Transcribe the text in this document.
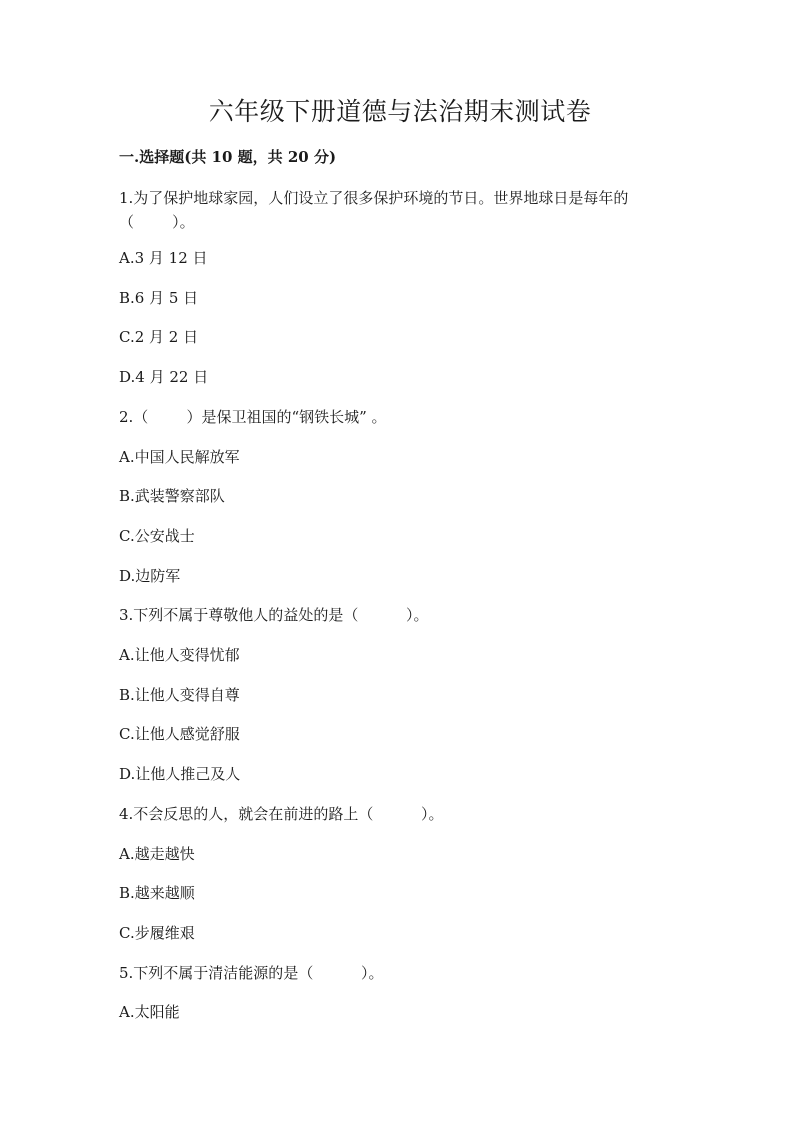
六年级下册道德与法治期末测试卷
一.选择题(共 10 题，共 20 分)
1.为了保护地球家园，人们设立了很多保护环境的节日。世界地球日是每年的
（        ）。
A.3 月 12 日
B.6 月 5 日
C.2 月 2 日
D.4 月 22 日
2.（        ）是保卫祖国的“钢铁长城” 。
A.中国人民解放军
B.武装警察部队
C.公安战士
D.边防军
3.下列不属于尊敬他人的益处的是（          ）。
A.让他人变得忧郁
B.让他人变得自尊
C.让他人感觉舒服
D.让他人推己及人
4.不会反思的人，就会在前进的路上（          ）。
A.越走越快
B.越来越顺
C.步履维艰
5.下列不属于清洁能源的是（          ）。
A.太阳能
